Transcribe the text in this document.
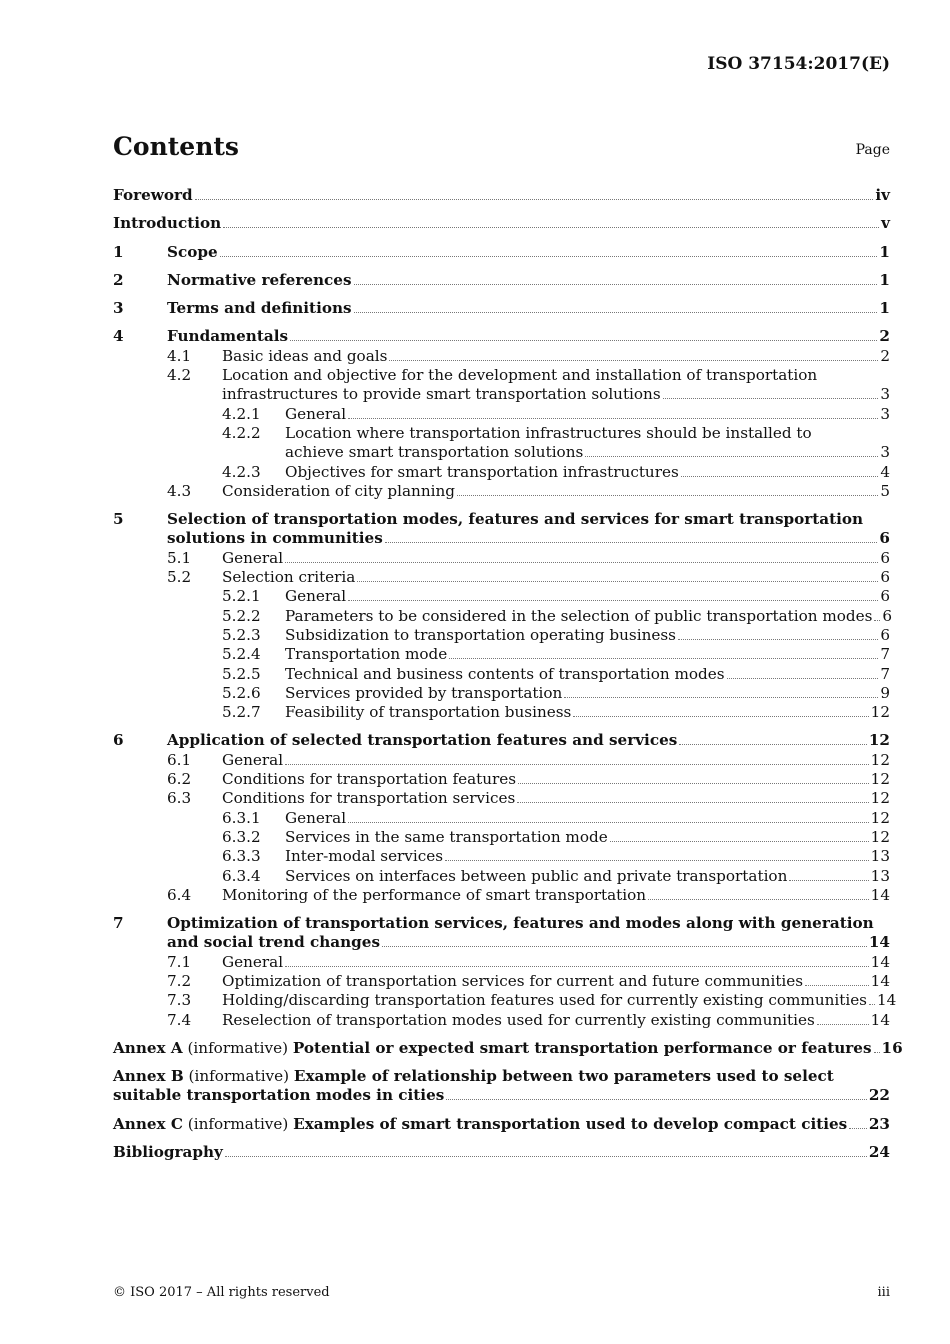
ISO 37154:2017(E)
Contents	Page
Foreword	iv
Introduction	v
1	Scope	1
2	Normative references	1
3	Terms and definitions	1
4	Fundamentals	2
4.1 Basic ideas and goals	2
4.2 Location and objective for the development and installation of transportation
infrastructures to provide smart transportation solutions	3
4.2.1 General	3
4.2.2 Location where transportation infrastructures should be installed to
achieve smart transportation solutions	3
4.2.3 Objectives for smart transportation infrastructures	4
4.3 Consideration of city planning	5
5	Selection of transportation modes, features and services for smart transportation
solutions in communities	6
5.1 General	6
5.2 Selection criteria	6
5.2.1 General	6
5.2.2 Parameters to be considered in the selection of public transportation modes 6
5.2.3 Subsidization to transportation operating business	6
5.2.4 Transportation mode	7
5.2.5 Technical and business contents of transportation modes	7
5.2.6 Services provided by transportation	9
5.2.7 Feasibility of transportation business	12
6	Application of selected transportation features and services	12
6.1 General	12
6.2 Conditions for transportation features	12
6.3 Conditions for transportation services	12
6.3.1 General	12
6.3.2 Services in the same transportation mode	12
6.3.3 Inter-modal services	13
6.3.4 Services on interfaces between public and private transportation	13
6.4 Monitoring of the performance of smart transportation	14
7	Optimization of transportation services, features and modes along with generation
and social trend changes	14
7.1 General	14
7.2 Optimization of transportation services for current and future communities	14
7.3 Holding/discarding transportation features used for currently existing communities 14
7.4 Reselection of transportation modes used for currently existing communities	14
Annex A (informative) Potential or expected smart transportation performance or features 16
Annex B (informative) Example of relationship between two parameters used to select
suitable transportation modes in cities	22
Annex C (informative) Examples of smart transportation used to develop compact cities 23
Bibliography	24
© ISO 2017 – All rights reserved	iii
